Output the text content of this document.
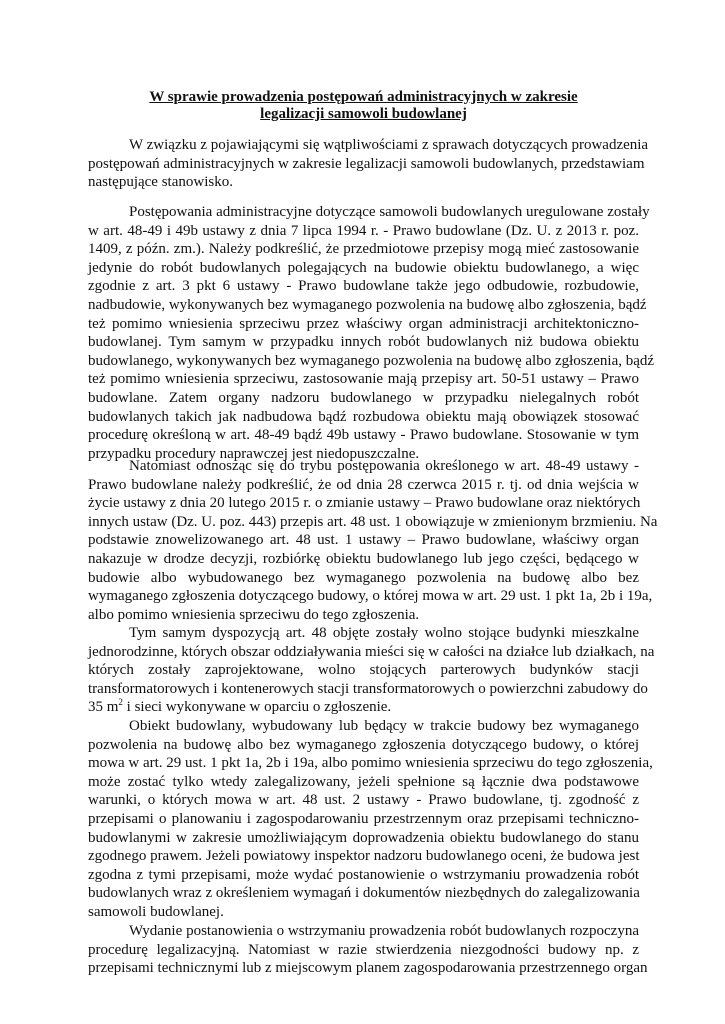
W sprawie prowadzenia postępowań administracyjnych w zakresie
legalizacji samowoli budowlanej
W związku z pojawiającymi się wątpliwościami z sprawach dotyczących prowadzenia
postępowań administracyjnych w zakresie legalizacji samowoli budowlanych, przedstawiam
następujące stanowisko.
Postępowania administracyjne dotyczące samowoli budowlanych uregulowane zostały
w art. 48-49 i 49b ustawy z dnia 7 lipca 1994 r. - Prawo budowlane (Dz. U. z 2013 r. poz.
1409, z późn. zm.). Należy podkreślić, że przedmiotowe przepisy mogą mieć zastosowanie
jedynie do robót budowlanych polegających na budowie obiektu budowlanego, a więc
zgodnie z art. 3 pkt 6 ustawy - Prawo budowlane także jego odbudowie, rozbudowie,
nadbudowie, wykonywanych bez wymaganego pozwolenia na budowę albo zgłoszenia, bądź
też pomimo wniesienia sprzeciwu przez właściwy organ administracji architektoniczno-
budowlanej. Tym samym w przypadku innych robót budowlanych niż budowa obiektu
budowlanego, wykonywanych bez wymaganego pozwolenia na budowę albo zgłoszenia, bądź
też pomimo wniesienia sprzeciwu, zastosowanie mają przepisy art. 50-51 ustawy – Prawo
budowlane. Zatem organy nadzoru budowlanego w przypadku nielegalnych robót
budowlanych takich jak nadbudowa bądź rozbudowa obiektu mają obowiązek stosować
procedurę określoną w art. 48-49 bądź 49b ustawy - Prawo budowlane. Stosowanie w tym
przypadku procedury naprawczej jest niedopuszczalne.
Natomiast odnosząc się do trybu postępowania określonego w art. 48-49 ustawy -
Prawo budowlane należy podkreślić, że od dnia 28 czerwca 2015 r. tj. od dnia wejścia w
życie ustawy z dnia 20 lutego 2015 r. o zmianie ustawy – Prawo budowlane oraz niektórych
innych ustaw (Dz. U. poz. 443) przepis art. 48 ust. 1 obowiązuje w zmienionym brzmieniu. Na
podstawie znowelizowanego art. 48 ust. 1 ustawy – Prawo budowlane, właściwy organ
nakazuje w drodze decyzji, rozbiórkę obiektu budowlanego lub jego części, będącego w
budowie albo wybudowanego bez wymaganego pozwolenia na budowę albo bez
wymaganego zgłoszenia dotyczącego budowy, o której mowa w art. 29 ust. 1 pkt 1a, 2b i 19a,
albo pomimo wniesienia sprzeciwu do tego zgłoszenia.
Tym samym dyspozycją art. 48 objęte zostały wolno stojące budynki mieszkalne
jednorodzinne, których obszar oddziaływania mieści się w całości na działce lub działkach, na
których zostały zaprojektowane, wolno stojących parterowych budynków stacji
transformatorowych i kontenerowych stacji transformatorowych o powierzchni zabudowy do
35 $m^2$ i sieci wykonywane w oparciu o zgłoszenie.
Obiekt budowlany, wybudowany lub będący w trakcie budowy bez wymaganego
pozwolenia na budowę albo bez wymaganego zgłoszenia dotyczącego budowy, o której
mowa w art. 29 ust. 1 pkt 1a, 2b i 19a, albo pomimo wniesienia sprzeciwu do tego zgłoszenia,
może zostać tylko wtedy zalegalizowany, jeżeli spełnione są łącznie dwa podstawowe
warunki, o których mowa w art. 48 ust. 2 ustawy - Prawo budowlane, tj. zgodność z
przepisami o planowaniu i zagospodarowaniu przestrzennym oraz przepisami techniczno-
budowlanymi w zakresie umożliwiającym doprowadzenia obiektu budowlanego do stanu
zgodnego prawem. Jeżeli powiatowy inspektor nadzoru budowlanego oceni, że budowa jest
zgodna z tymi przepisami, może wydać postanowienie o wstrzymaniu prowadzenia robót
budowlanych wraz z określeniem wymagań i dokumentów niezbędnych do zalegalizowania
samowoli budowlanej.
Wydanie postanowienia o wstrzymaniu prowadzenia robót budowlanych rozpoczyna
procedurę legalizacyjną. Natomiast w razie stwierdzenia niezgodności budowy np. z
przepisami technicznymi lub z miejscowym planem zagospodarowania przestrzennego organ
